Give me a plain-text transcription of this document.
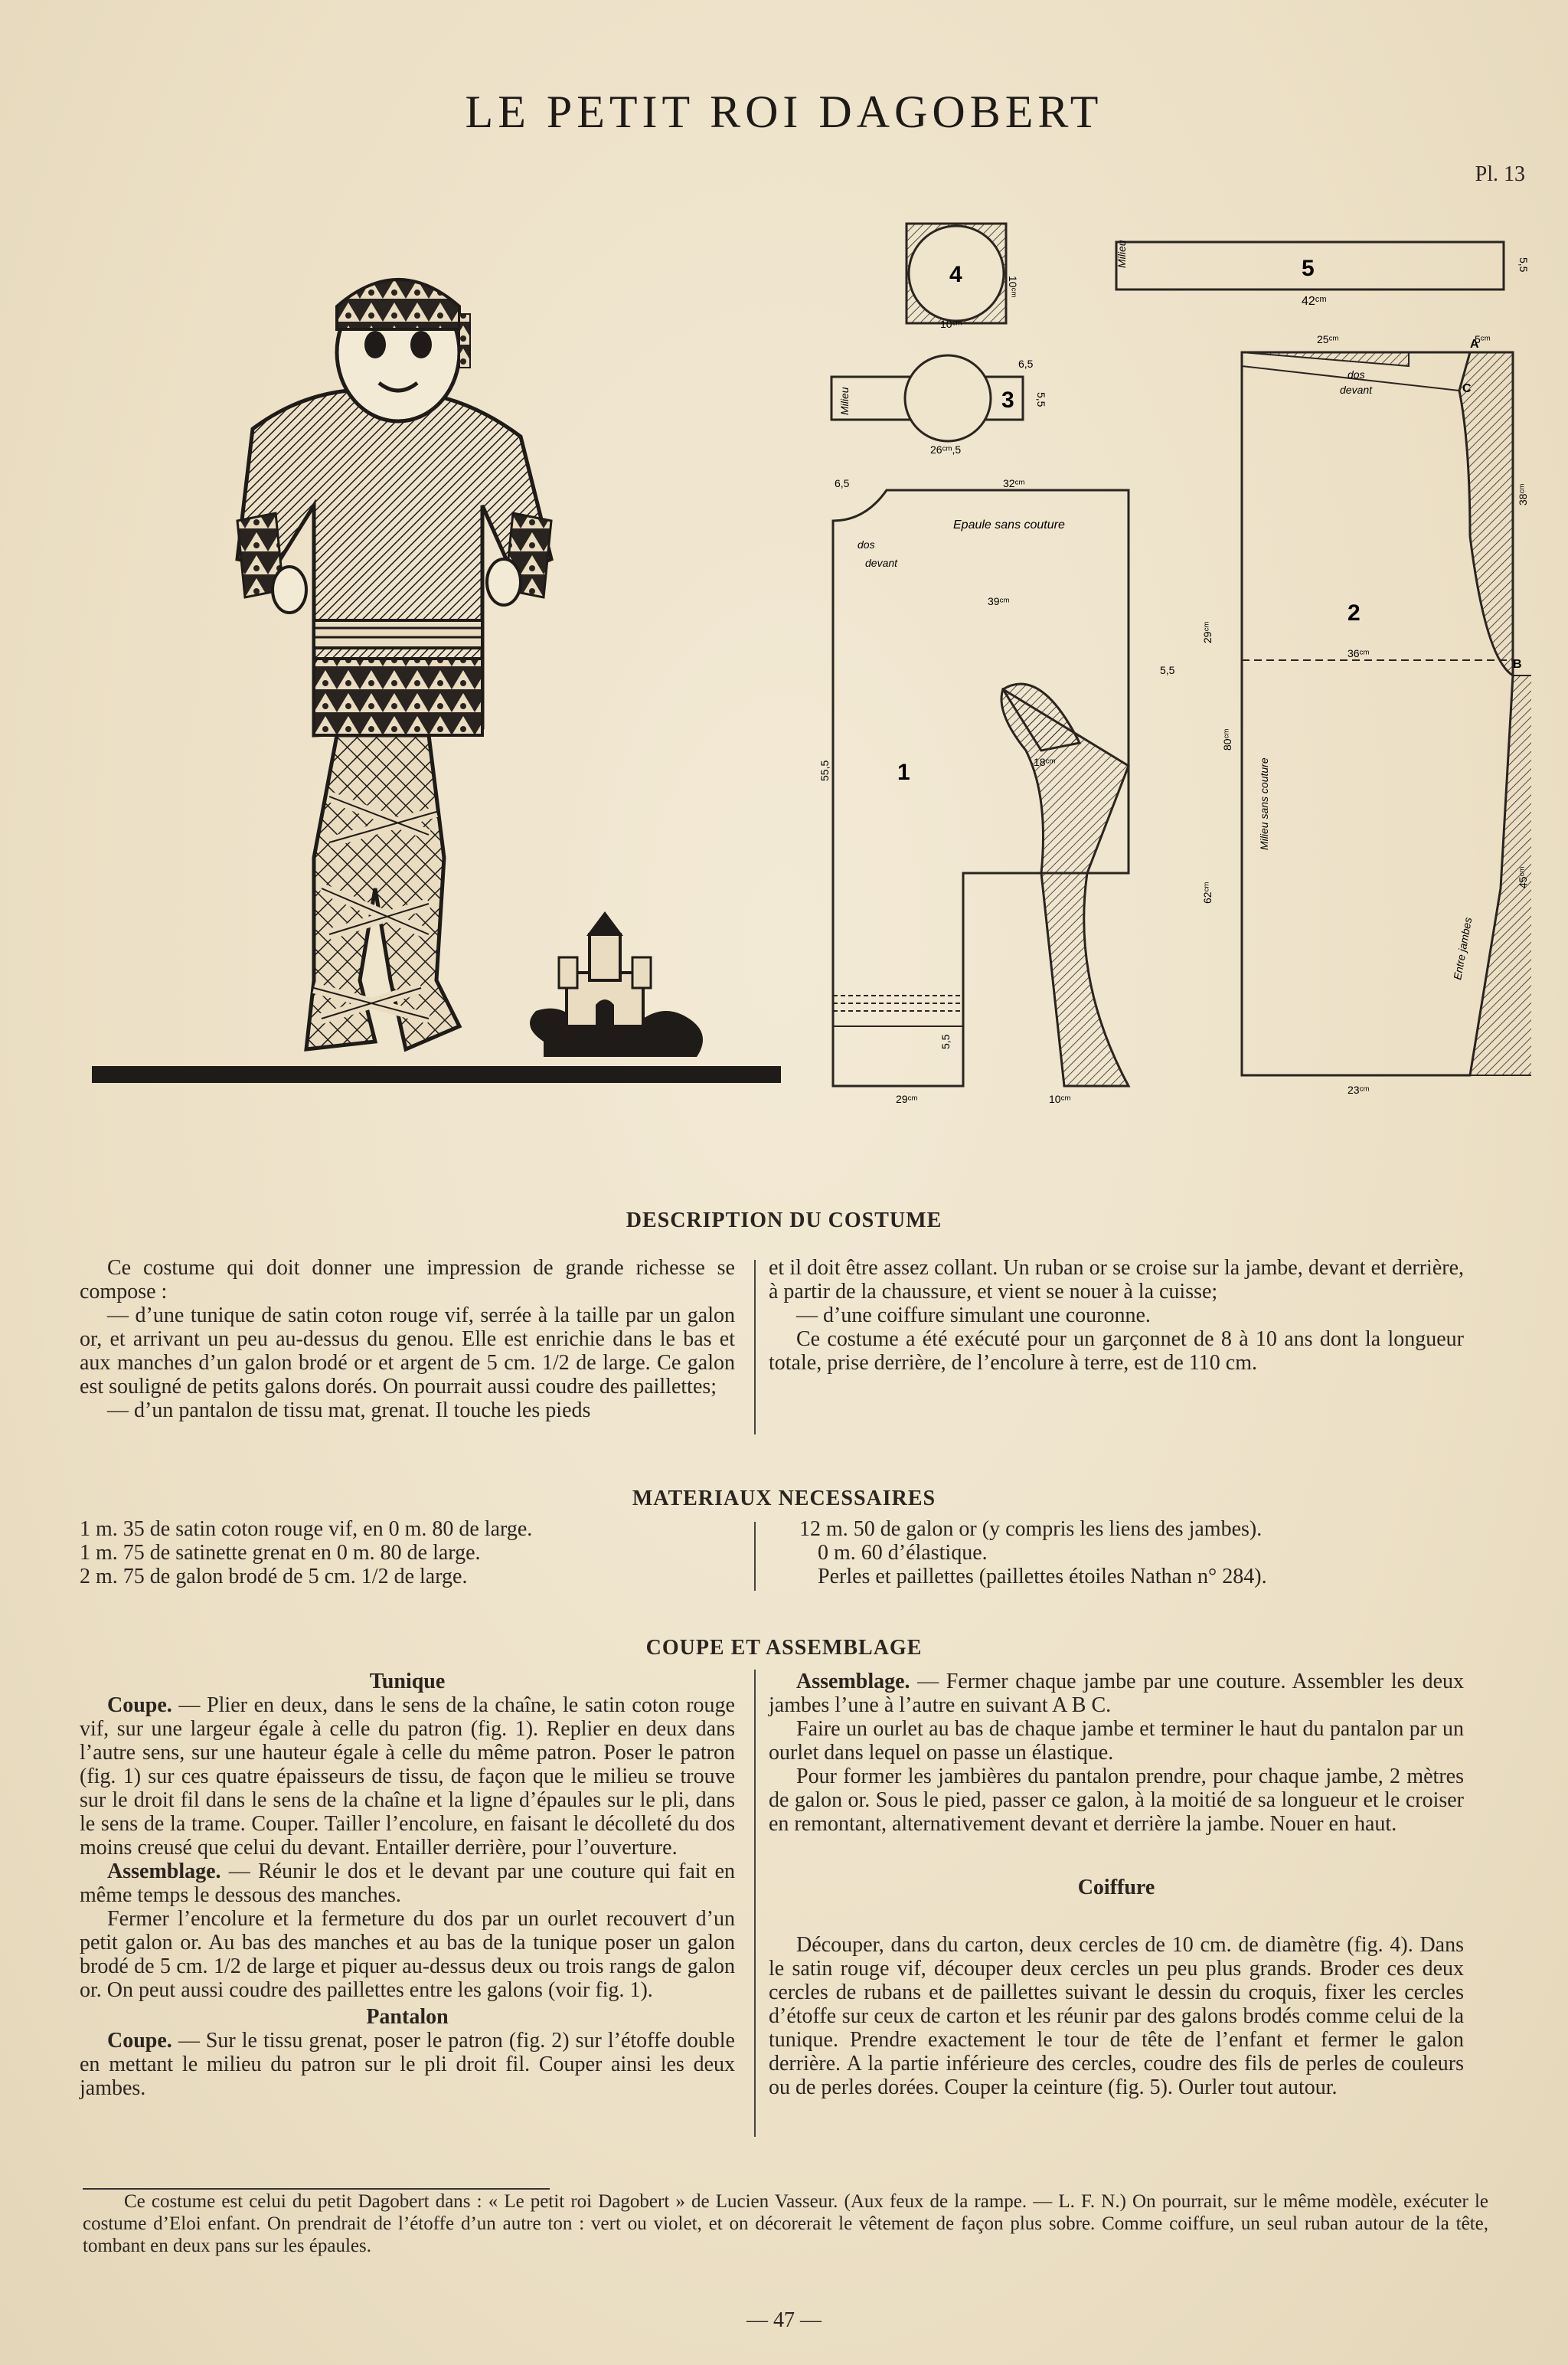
LE PETIT ROI DAGOBERT
Pl. 13
4
10ᶜᵐ
10ᶜᵐ
5
42ᶜᵐ
5,5
Milieu
3
6,5
26ᶜᵐ,5
5,5
Milieu
1
6,5	32ᶜᵐ
39ᶜᵐ
Epaule sans couture
dos
devant
18ᶜᵐ
29ᶜᵐ
80ᶜᵐ
62ᶜᵐ
5,5
55,5
5,5
29ᶜᵐ	10ᶜᵐ
2
25ᶜᵐ	5ᶜᵐ
A
B
C
dos
devant
36ᶜᵐ
38ᶜᵐ
45ᶜᵐ
Milieu sans couture
Entre jambes
23ᶜᵐ
DESCRIPTION DU COSTUME

Ce costume qui doit donner une impression de grande richesse se compose :

— d’une tunique de satin coton rouge vif, serrée à la taille par un galon or, et arrivant un peu au-dessus du genou. Elle est enrichie dans le bas et aux manches d’un galon brodé or et argent de 5 cm. 1/2 de large. Ce galon est souligné de petits galons dorés. On pourrait aussi coudre des paillettes;

— d’un pantalon de tissu mat, grenat. Il touche les pieds

et il doit être assez collant. Un ruban or se croise sur la jambe, devant et derrière, à partir de la chaussure, et vient se nouer à la cuisse;

— d’une coiffure simulant une couronne.

Ce costume a été exécuté pour un garçonnet de 8 à 10 ans dont la longueur totale, prise derrière, de l’encolure à terre, est de 110 cm.

MATERIAUX NECESSAIRES
1 m. 35 de satin coton rouge vif, en 0 m. 80 de large.
1 m. 75 de satinette grenat en 0 m. 80 de large.
2 m. 75 de galon brodé de 5 cm. 1/2 de large.
12 m. 50 de galon or (y compris les liens des jambes).
0 m. 60 d’élastique.
Perles et paillettes (paillettes étoiles Nathan n° 284).
COUPE ET ASSEMBLAGE

Tunique

Coupe. — Plier en deux, dans le sens de la chaîne, le satin coton rouge vif, sur une largeur égale à celle du patron (fig. 1). Replier en deux dans l’autre sens, sur une hauteur égale à celle du même patron. Poser le patron (fig. 1) sur ces quatre épaisseurs de tissu, de façon que le milieu se trouve sur le droit fil dans le sens de la chaîne et la ligne d’épaules sur le pli, dans le sens de la trame. Couper. Tailler l’encolure, en faisant le décolleté du dos moins creusé que celui du devant. Entailler derrière, pour l’ouverture.

Assemblage. — Réunir le dos et le devant par une couture qui fait en même temps le dessous des manches.

Fermer l’encolure et la fermeture du dos par un ourlet recouvert d’un petit galon or. Au bas des manches et au bas de la tunique poser un galon brodé de 5 cm. 1/2 de large et piquer au-dessus deux ou trois rangs de galon or. On peut aussi coudre des paillettes entre les galons (voir fig. 1).

Pantalon

Coupe. — Sur le tissu grenat, poser le patron (fig. 2) sur l’étoffe double en mettant le milieu du patron sur le pli droit fil. Couper ainsi les deux jambes.

Assemblage. — Fermer chaque jambe par une couture. Assembler les deux jambes l’une à l’autre en suivant A B C.

Faire un ourlet au bas de chaque jambe et terminer le haut du pantalon par un ourlet dans lequel on passe un élastique.

Pour former les jambières du pantalon prendre, pour chaque jambe, 2 mètres de galon or. Sous le pied, passer ce galon, à la moitié de sa longueur et le croiser en remontant, alternativement devant et derrière la jambe. Nouer en haut.

Coiffure

Découper, dans du carton, deux cercles de 10 cm. de diamètre (fig. 4). Dans le satin rouge vif, découper deux cercles un peu plus grands. Broder ces deux cercles de rubans et de paillettes suivant le dessin du croquis, fixer les cercles d’étoffe sur ceux de carton et les réunir par des galons brodés comme celui de la tunique. Prendre exactement le tour de tête de l’enfant et fermer le galon derrière. A la partie inférieure des cercles, coudre des fils de perles de couleurs ou de perles dorées. Couper la ceinture (fig. 5). Ourler tout autour.

Ce costume est celui du petit Dagobert dans : « Le petit roi Dagobert » de Lucien Vasseur. (Aux feux de la rampe. — L. F. N.) On pourrait, sur le même modèle, exécuter le costume d’Eloi enfant. On prendrait de l’étoffe d’un autre ton : vert ou violet, et on décorerait le vêtement de façon plus sobre. Comme coiffure, un seul ruban autour de la tête, tombant en deux pans sur les épaules.
— 47 —
